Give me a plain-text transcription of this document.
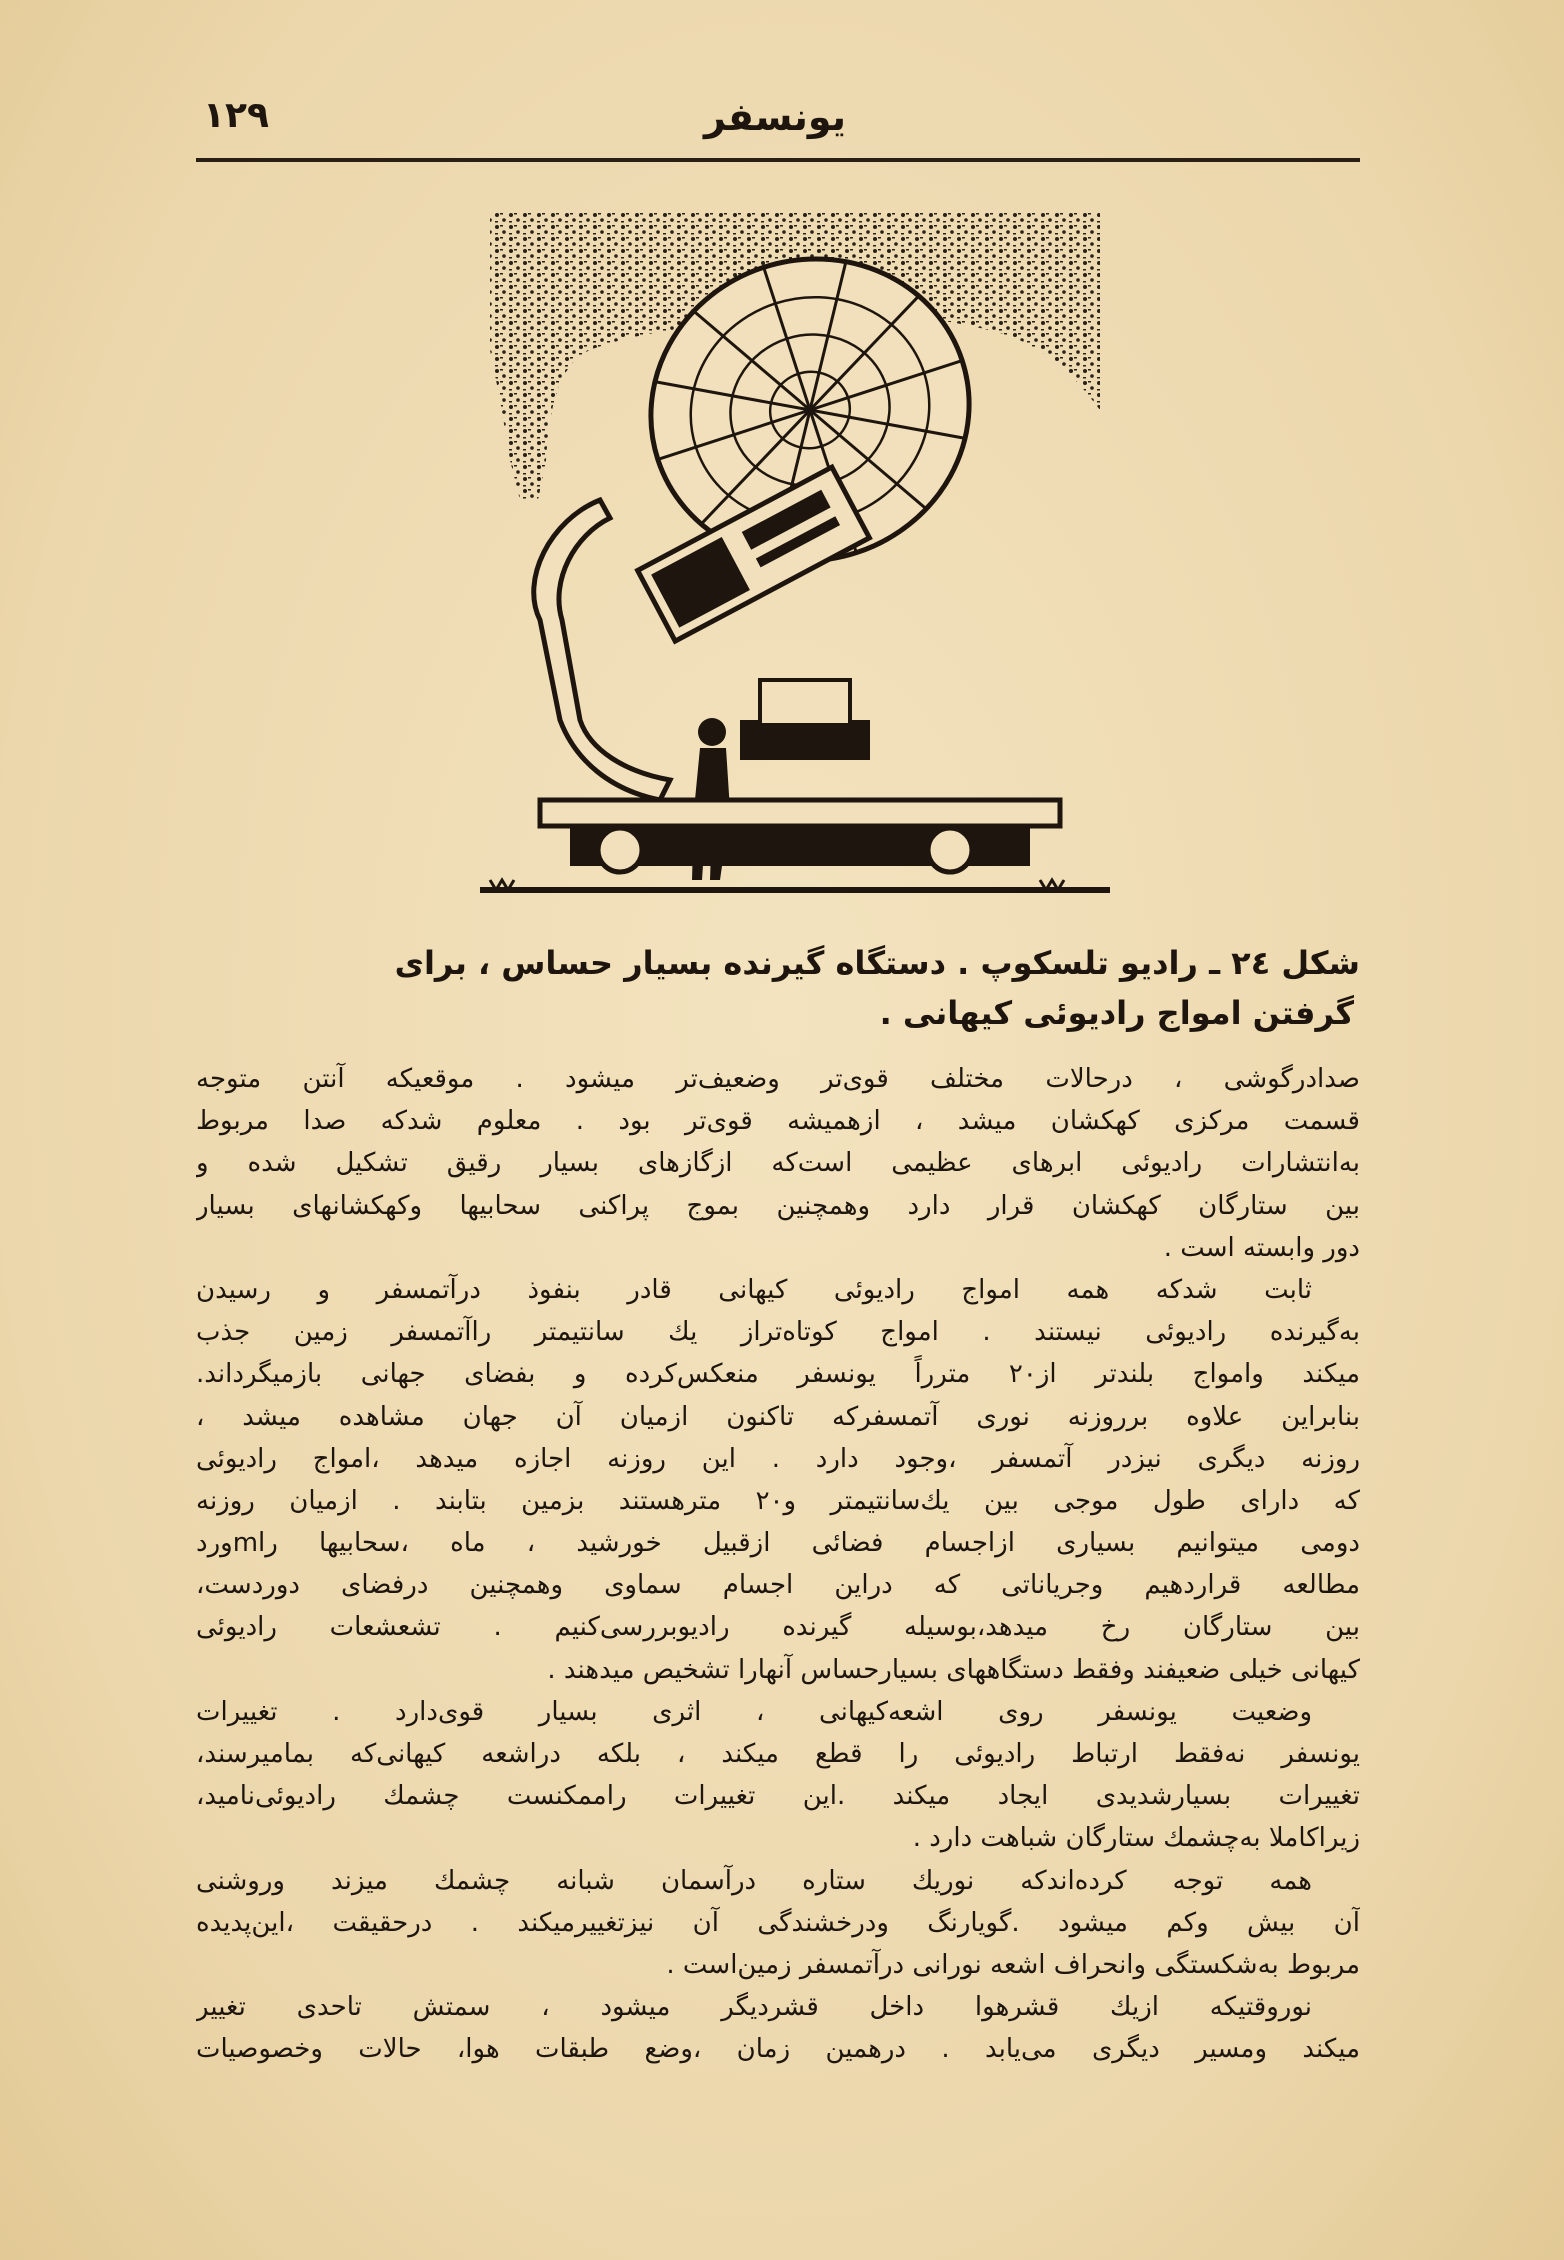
۱۲۹	یونسفر
شکل ۲٤ ـ رادیو تلسکوپ . دستگاه گیرنده بسیار حساس ، برای
گرفتن امواج رادیوئی کیهانی .
صدادرگوشی ، درحالات مختلف قوی‌تر وضعیف‌تر میشود . موقعیکه آنتن متوجه
قسمت مرکزی کهکشان میشد ، ازهمیشه قوی‌تر بود . معلوم شدکه صدا مربوط
به‌انتشارات رادیوئی ابرهای عظیمی است‌که ازگازهای بسیار رقیق تشکیل شده و
بین ستارگان کهکشان قرار دارد وهمچنین بموج پراکنی سحابیها وکهکشانهای بسیار
دور وابسته است .
ثابت شدکه همه امواج رادیوئی کیهانی قادر بنفوذ درآتمسفر و رسیدن
به‌گیرنده رادیوئی نیستند . امواج کوتاه‌تراز یك سانتیمتر راآتمسفر زمین جذب
میکند وامواج بلندتر از۲۰ مترراً یونسفر منعکس‌کرده و بفضای جهانی بازمیگرداند.
بنابراین علاوه برروزنه نوری آتمسفرکه تاکنون ازمیان آن جهان مشاهده میشد ،
روزنه دیگری نیزدر آتمسفر ،وجود دارد . این روزنه اجازه میدهد ،امواج رادیوئی
که دارای طول موجی بین یك‌سانتیمتر و۲۰ مترهستند بزمین بتابند . ازمیان روزنه
دومی میتوانیم بسیاری ازاجسام فضائی ازقبیل خورشید ، ماه ،سحابیها راmورد
مطالعه قراردهیم وجریاناتی که دراین اجسام سماوی وهمچنین درفضای دوردست،
بین ستارگان رخ میدهد،بوسیله گیرنده رادیوبررسی‌کنیم . تشعشعات رادیوئی
کیهانی خیلی ضعیفند وفقط دستگاههای بسیارحساس آنهارا تشخیص میدهند .
وضعیت یونسفر روی اشعه‌کیهانی ، اثری بسیار قوی‌دارد . تغییرات
یونسفر نه‌فقط ارتباط رادیوئی را قطع میکند ، بلکه دراشعه کیهانی‌که بمامیرسند،
تغییرات بسیارشدیدی ایجاد میکند .این تغییرات راممکنست چشمك رادیوئی‌نامید،
زیراکاملا به‌چشمك ستارگان شباهت دارد .
همه توجه کرده‌اندکه نوریك ستاره درآسمان شبانه چشمك میزند وروشنی
آن بیش وکم میشود .گویارنگ ودرخشندگی آن نیزتغییرمیکند . درحقیقت ،این‌پدیده
مربوط به‌شکستگی وانحراف اشعه نورانی درآتمسفر زمین‌است .
نوروقتیکه ازیك قشرهوا داخل قشردیگر میشود ، سمتش تاحدی تغییر
میکند ومسیر دیگری می‌یابد . درهمین زمان ،وضع طبقات هوا، حالات وخصوصیات
